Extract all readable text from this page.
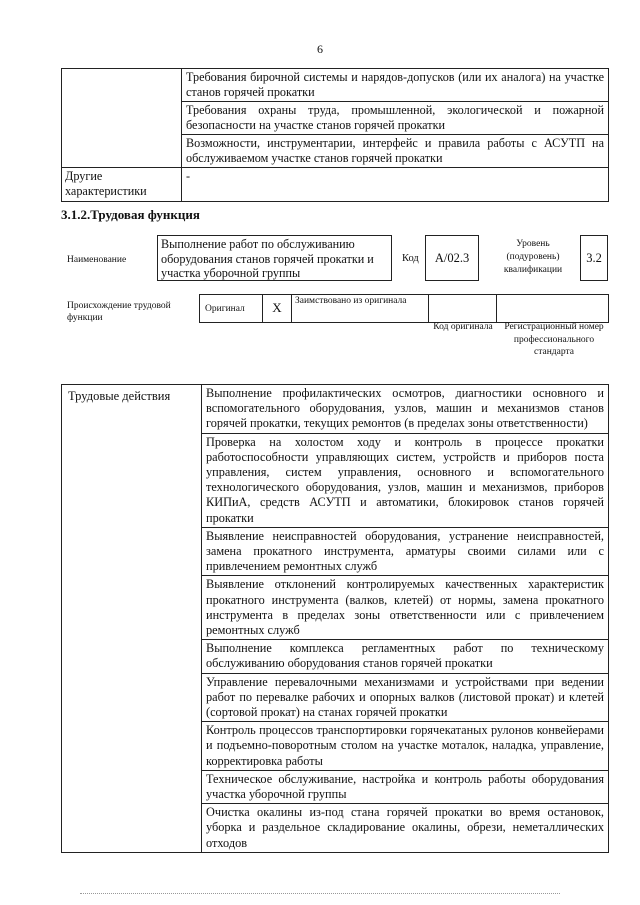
6
	Требования бирочной системы и нарядов-допусков (или их аналога) на участке станов горячей прокатки
	Требования охраны труда, промышленной, экологической и пожарной безопасности на участке станов горячей прокатки
	Возможности, инструментарии, интерфейс и правила работы с АСУТП на обслуживаемом участке станов горячей прокатки
Другие характеристики	-
3.1.2.Трудовая функция
Наименование
Выполнение работ по обслуживанию оборудования станов горячей прокатки и участка уборочной группы
Код	А/02.3
Уровень (подуровень) квалификации
3.2
Происхождение трудовой функции
Оригинал	X	Заимствовано из оригинала		
Код оригинала	Регистрационный номер профессионального стандарта
Трудовые действия	Выполнение профилактических осмотров, диагностики основного и вспомогательного оборудования, узлов, машин и механизмов станов горячей прокатки, текущих ремонтов (в пределах зоны ответственности)
Проверка на холостом ходу и контроль в процессе прокатки работоспособности управляющих систем, устройств и приборов поста управления, систем управления, основного и вспомогательного технологического оборудования, узлов, машин и механизмов, приборов КИПиА, средств АСУТП и автоматики, блокировок станов горячей прокатки
Выявление неисправностей оборудования, устранение неисправностей, замена прокатного инструмента, арматуры своими силами или с привлечением ремонтных служб
Выявление отклонений контролируемых качественных характеристик прокатного инструмента (валков, клетей) от нормы, замена прокатного инструмента в пределах зоны ответственности или с привлечением ремонтных служб
Выполнение комплекса регламентных работ по техническому обслуживанию оборудования станов горячей прокатки
Управление перевалочными механизмами и устройствами при ведении работ по перевалке рабочих и опорных валков (листовой прокат) и клетей (сортовой прокат) на станах горячей прокатки
Контроль процессов транспортировки горячекатаных рулонов конвейерами и подъемно-поворотным столом на участке моталок, наладка, управление, корректировка работы
Техническое обслуживание, настройка и контроль работы оборудования участка уборочной группы
Очистка окалины из-под стана горячей прокатки во время остановок, уборка и раздельное складирование окалины, обрези, неметаллических отходов
